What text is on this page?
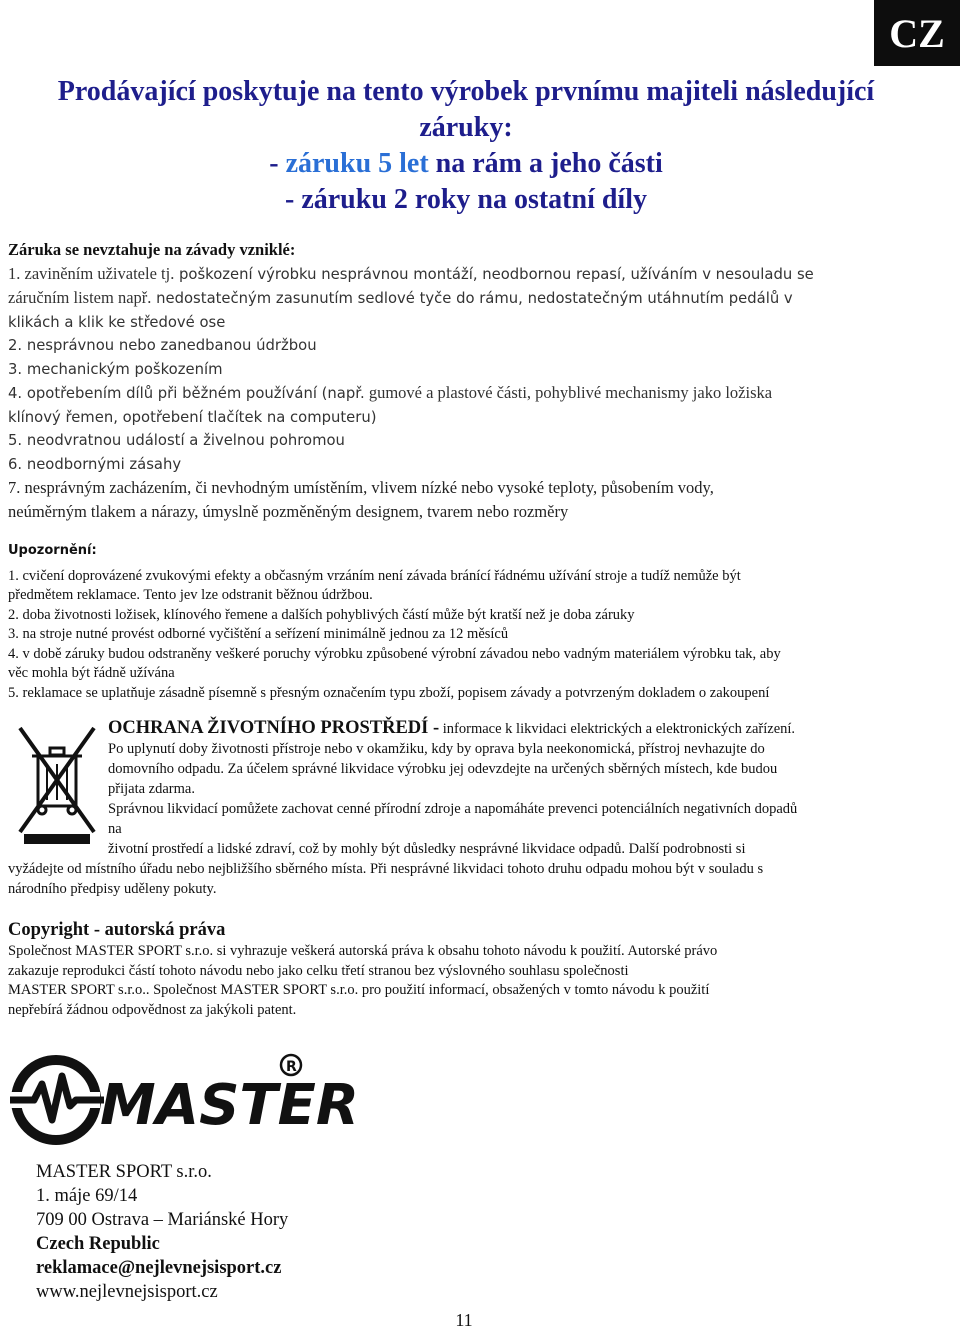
CZ
Prodávající poskytuje na tento výrobek prvnímu majiteli následující
záruky:
- záruku 5 let na rám a jeho části
- záruku 2 roky na ostatní díly
Záruka se nevztahuje na závady vzniklé:
1. zaviněním uživatele tj. poškození výrobku nesprávnou montáží, neodbornou repasí, užíváním v nesouladu se
záručním listem např. nedostatečným zasunutím sedlové tyče do rámu, nedostatečným utáhnutím pedálů v
klikách a klik ke středové ose
2. nesprávnou nebo zanedbanou údržbou
3. mechanickým poškozením
4. opotřebením dílů při běžném používání (např. gumové a plastové části, pohyblivé mechanismy jako ložiska
klínový řemen, opotřebení tlačítek na computeru)
5. neodvratnou událostí a živelnou pohromou
6. neodbornými zásahy
7. nesprávným zacházením, či nevhodným umístěním, vlivem nízké nebo vysoké teploty, působením vody,
neúměrným tlakem a nárazy, úmyslně pozměněným designem, tvarem nebo rozměry
Upozornění:
1. cvičení doprovázené zvukovými efekty a občasným vrzáním není závada bránící řádnému užívání stroje a tudíž nemůže být
předmětem reklamace. Tento jev lze odstranit běžnou údržbou.
2. doba životnosti ložisek, klínového řemene a dalších pohyblivých částí může být kratší než je doba záruky
3. na stroje nutné provést odborné vyčištění a seřízení minimálně jednou za 12 měsíců
4. v době záruky budou odstraněny veškeré poruchy výrobku způsobené výrobní závadou nebo vadným materiálem výrobku tak, aby
věc mohla být řádně užívána
5. reklamace se uplatňuje zásadně písemně s přesným označením typu zboží, popisem závady a potvrzeným dokladem o zakoupení
OCHRANA ŽIVOTNÍHO PROSTŘEDÍ - informace k likvidaci elektrických a elektronických zařízení.
Po uplynutí doby životnosti přístroje nebo v okamžiku, kdy by oprava byla neekonomická, přístroj nevhazujte do
domovního odpadu. Za účelem správné likvidace výrobku jej odevzdejte na určených sběrných místech, kde budou
přijata zdarma.
Správnou likvidací pomůžete zachovat cenné přírodní zdroje a napomáháte prevenci potenciálních negativních dopadů
na
životní prostředí a lidské zdraví, což by mohly být důsledky nesprávné likvidace odpadů. Další podrobnosti si
vyžádejte od místního úřadu nebo nejbližšího sběrného místa. Při nesprávné likvidaci tohoto druhu odpadu mohou být v souladu s
národního předpisy uděleny pokuty.
Copyright - autorská práva
Společnost MASTER SPORT s.r.o. si vyhrazuje veškerá autorská práva k obsahu tohoto návodu k použití. Autorské právo
zakazuje reprodukci částí tohoto návodu nebo jako celku třetí stranou bez výslovného souhlasu společnosti
MASTER SPORT s.r.o.. Společnost MASTER SPORT s.r.o. pro použití informací, obsažených v tomto návodu k použití
nepřebírá žádnou odpovědnost za jakýkoli patent.
MASTER
R
MASTER SPORT s.r.o.
1. máje 69/14
709 00 Ostrava – Mariánské Hory
Czech Republic
reklamace@nejlevnejsisport.cz
www.nejlevnejsisport.cz
11
